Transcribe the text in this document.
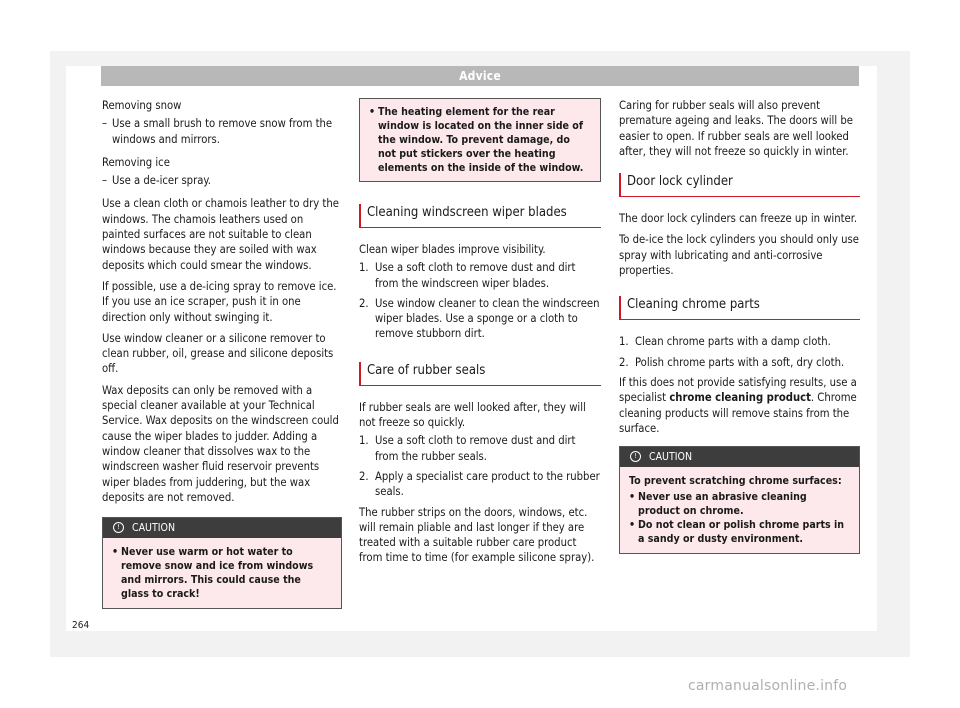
Advice
Removing snow
– Use a small brush to remove snow from the windows and mirrors.
Removing ice
– Use a de-icer spray.
Use a clean cloth or chamois leather to dry the windows. The chamois leathers used on painted surfaces are not suitable to clean windows because they are soiled with wax deposits which could smear the windows.
If possible, use a de-icing spray to remove ice. If you use an ice scraper, push it in one direction only without swinging it.
Use window cleaner or a silicone remover to clean rubber, oil, grease and silicone deposits off.
Wax deposits can only be removed with a special cleaner available at your Technical Service. Wax deposits on the windscreen could cause the wiper blades to judder. Adding a window cleaner that dissolves wax to the windscreen washer fluid reservoir prevents wiper blades from juddering, but the wax deposits are not removed.
! CAUTION
• Never use warm or hot water to remove snow and ice from windows and mirrors. This could cause the glass to crack!
• The heating element for the rear window is located on the inner side of the window. To prevent damage, do not put stickers over the heating elements on the inside of the window.
Cleaning windscreen wiper blades
Clean wiper blades improve visibility.
1. Use a soft cloth to remove dust and dirt from the windscreen wiper blades.
2. Use window cleaner to clean the windscreen wiper blades. Use a sponge or a cloth to remove stubborn dirt.
Care of rubber seals
If rubber seals are well looked after, they will not freeze so quickly.
1. Use a soft cloth to remove dust and dirt from the rubber seals.
2. Apply a specialist care product to the rubber seals.
The rubber strips on the doors, windows, etc. will remain pliable and last longer if they are treated with a suitable rubber care product from time to time (for example silicone spray).
Caring for rubber seals will also prevent premature ageing and leaks. The doors will be easier to open. If rubber seals are well looked after, they will not freeze so quickly in winter.
Door lock cylinder
The door lock cylinders can freeze up in winter.
To de-ice the lock cylinders you should only use spray with lubricating and anti-corrosive properties.
Cleaning chrome parts
1. Clean chrome parts with a damp cloth.
2. Polish chrome parts with a soft, dry cloth.
If this does not provide satisfying results, use a specialist chrome cleaning product. Chrome cleaning products will remove stains from the surface.
! CAUTION
To prevent scratching chrome surfaces:
• Never use an abrasive cleaning product on chrome.
• Do not clean or polish chrome parts in a sandy or dusty environment.
264
carmanualsonline.info
